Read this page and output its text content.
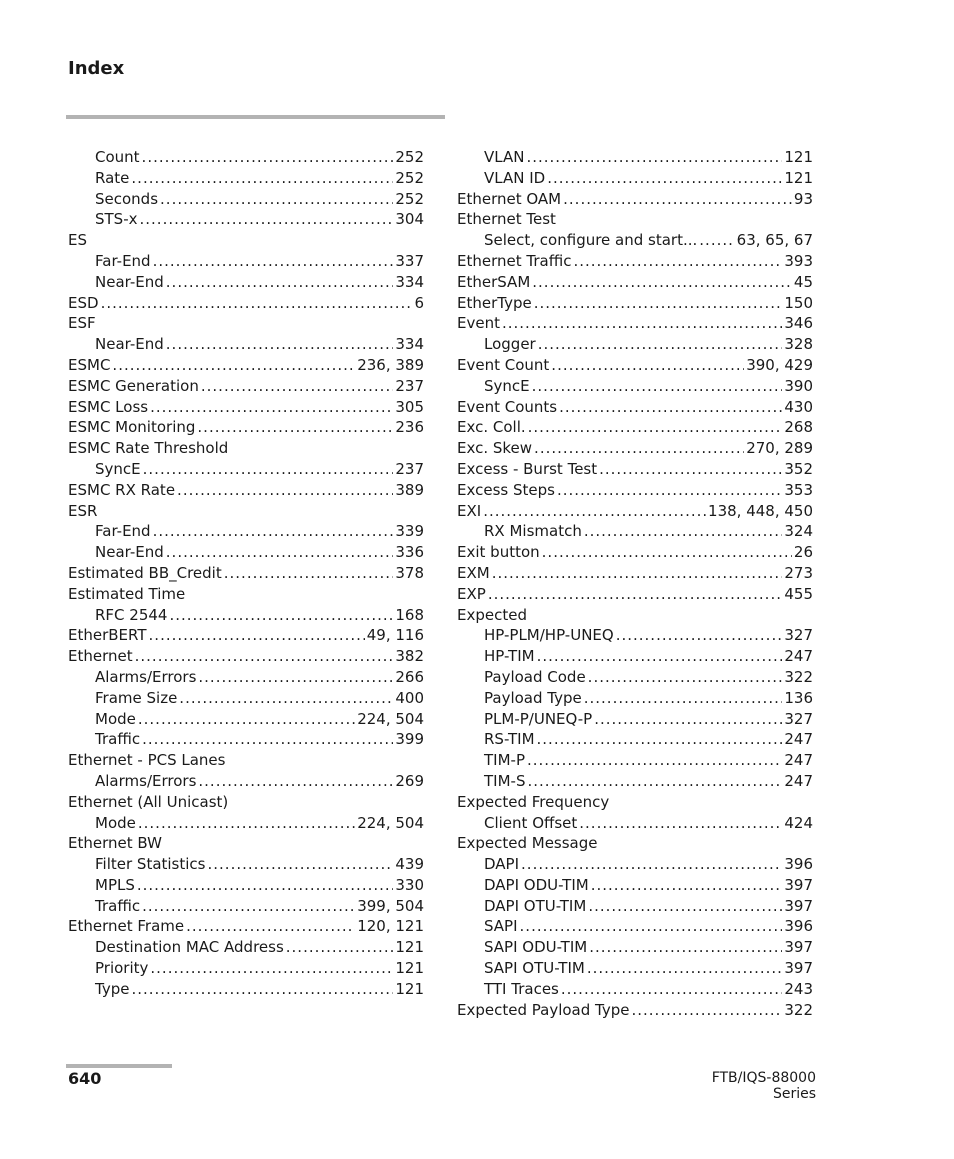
Index
Count .....	252
Rate .....	252
Seconds .....	252
STS-x .....	304
ES
Far-End .....	337
Near-End .....	334
ESD .....	6
ESF
Near-End .....	334
ESMC .....	236, 389
ESMC Generation .....	237
ESMC Loss .....	305
ESMC Monitoring .....	236
ESMC Rate Threshold
SyncE .....	237
ESMC RX Rate .....	389
ESR
Far-End .....	339
Near-End .....	336
Estimated BB_Credit .....	378
Estimated Time
RFC 2544 .....	168
EtherBERT .....	49, 116
Ethernet .....	382
Alarms/Errors .....	266
Frame Size .....	400
Mode .....	224, 504
Traffic .....	399
Ethernet - PCS Lanes
Alarms/Errors .....	269
Ethernet (All Unicast)
Mode .....	224, 504
Ethernet BW
Filter Statistics .....	439
MPLS .....	330
Traffic .....	399, 504
Ethernet Frame .....	120, 121
Destination MAC Address .....	121
Priority .....	121
Type .....	121
VLAN .....	121
VLAN ID .....	121
Ethernet OAM .....	93
Ethernet Test
Select, configure and start... .....	63, 65, 67
Ethernet Traffic .....	393
EtherSAM .....	45
EtherType .....	150
Event .....	346
Logger .....	328
Event Count .....	390, 429
SyncE .....	390
Event Counts .....	430
Exc. Coll. .....	268
Exc. Skew .....	270, 289
Excess - Burst Test .....	352
Excess Steps .....	353
EXI .....	138, 448, 450
RX Mismatch .....	324
Exit button .....	26
EXM .....	273
EXP .....	455
Expected
HP-PLM/HP-UNEQ .....	327
HP-TIM .....	247
Payload Code .....	322
Payload Type .....	136
PLM-P/UNEQ-P .....	327
RS-TIM .....	247
TIM-P .....	247
TIM-S .....	247
Expected Frequency
Client Offset .....	424
Expected Message
DAPI .....	396
DAPI ODU-TIM .....	397
DAPI OTU-TIM .....	397
SAPI .....	396
SAPI ODU-TIM .....	397
SAPI OTU-TIM .....	397
TTI Traces .....	243
Expected Payload Type .....	322
640	FTB/IQS-88000 Series
